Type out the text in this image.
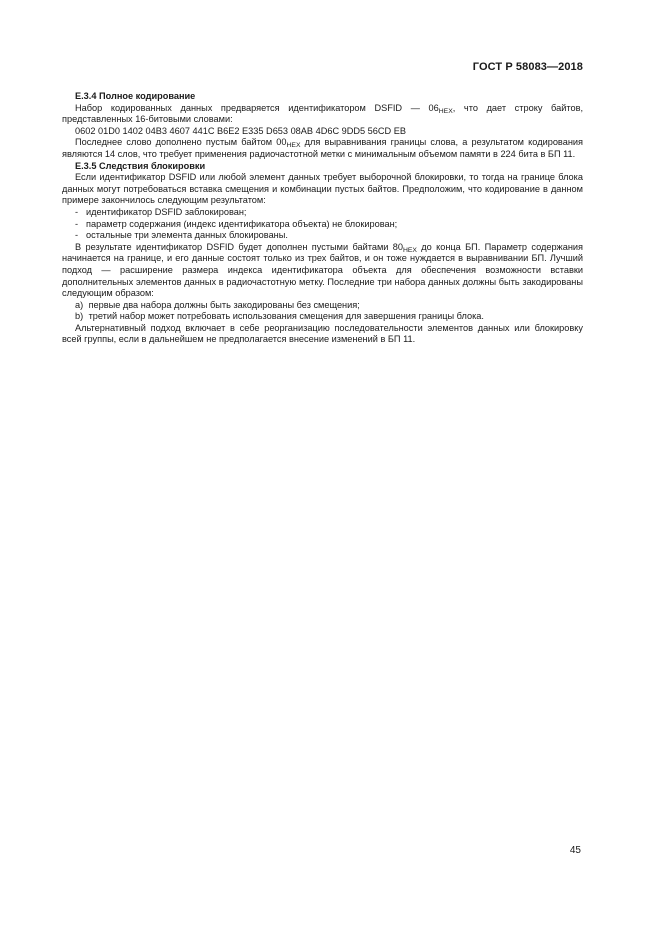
ГОСТ Р 58083—2018

Е.3.4 Полное кодирование

Набор кодированных данных предваряется идентификатором DSFID — $06_{HEX}$, что дает строку байтов, представленных 16-битовыми словами:

0602 01D0 1402 04B3 4607 441C B6E2 E335 D653 08AB 4D6C 9DD5 56CD EB

Последнее слово дополнено пустым байтом $00_{HEX}$ для выравнивания границы слова, а результатом кодирования являются 14 слов, что требует применения радиочастотной метки с минимальным объемом памяти в 224 бита в БП 11.

Е.3.5 Следствия блокировки

Если идентификатор DSFID или любой элемент данных требует выборочной блокировки, то тогда на границе блока данных могут потребоваться вставка смещения и комбинации пустых байтов. Предположим, что кодирование в данном примере закончилось следующим результатом:

- идентификатор DSFID заблокирован;

- параметр содержания (индекс идентификатора объекта) не блокирован;

- остальные три элемента данных блокированы.

В результате идентификатор DSFID будет дополнен пустыми байтами $80_{HEX}$ до конца БП. Параметр содержания начинается на границе, и его данные состоят только из трех байтов, и он тоже нуждается в выравнивании БП. Лучший подход — расширение размера индекса идентификатора объекта для обеспечения возможности вставки дополнительных элементов данных в радиочастотную метку. Последние три набора данных должны быть закодированы следующим образом:

a) первые два набора должны быть закодированы без смещения;

b) третий набор может потребовать использования смещения для завершения границы блока.

Альтернативный подход включает в себе реорганизацию последовательности элементов данных или блокировку всей группы, если в дальнейшем не предполагается внесение изменений в БП 11.

45
